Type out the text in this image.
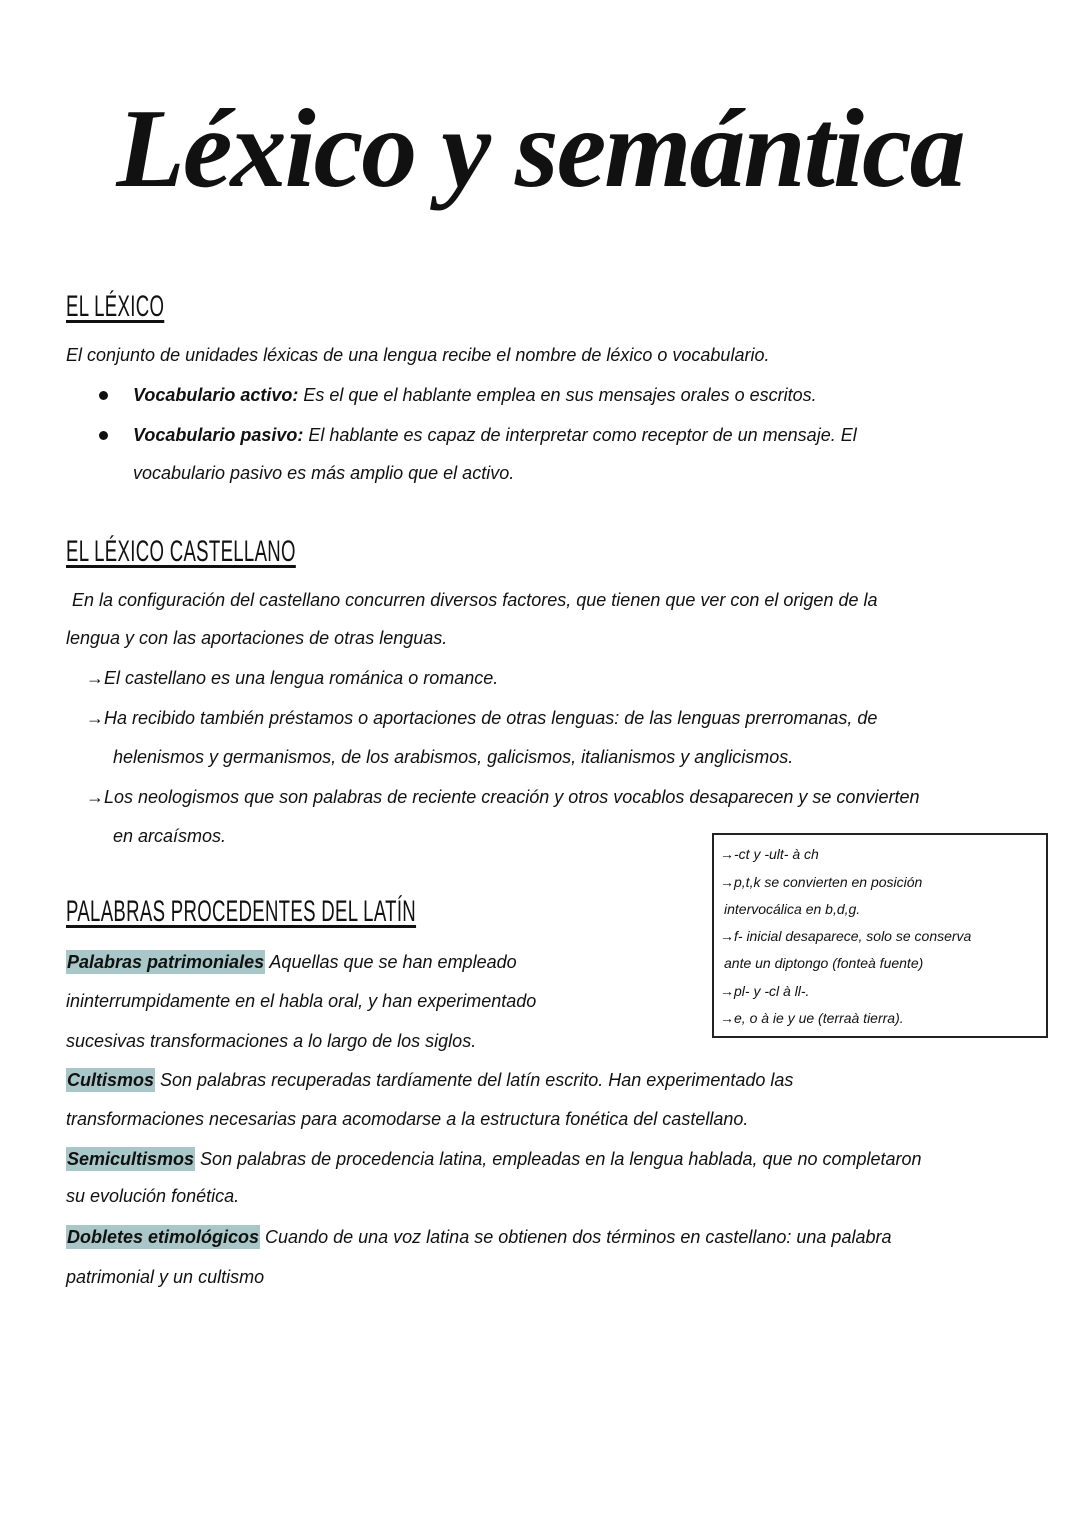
Léxico y semántica
EL LÉXICO
El conjunto de unidades léxicas de una lengua recibe el nombre de léxico o vocabulario.
Vocabulario activo: Es el que el hablante emplea en sus mensajes orales o escritos.
Vocabulario pasivo: El hablante es capaz de interpretar como receptor de un mensaje. El
vocabulario pasivo es más amplio que el activo.
EL LÉXICO CASTELLANO
En la configuración del castellano concurren diversos factores, que tienen que ver con el origen de la
lengua y con las aportaciones de otras lenguas.
→El castellano es una lengua románica o romance.
→Ha recibido también préstamos o aportaciones de otras lenguas: de las lenguas prerromanas, de
helenismos y germanismos, de los arabismos, galicismos, italianismos y anglicismos.
→Los neologismos que son palabras de reciente creación y otros vocablos desaparecen y se convierten
en arcaísmos.
→-ct y -ult- à ch
→p,t,k se convierten en posición
intervocálica en b,d,g.
→f- inicial desaparece, solo se conserva
ante un diptongo (fonteà fuente)
→pl- y -cl à ll-.
→e, o à ie y ue (terraà tierra).
PALABRAS PROCEDENTES DEL LATÍN
Palabras patrimoniales Aquellas que se han empleado
ininterrumpidamente en el habla oral, y han experimentado
sucesivas transformaciones a lo largo de los siglos.
Cultismos Son palabras recuperadas tardíamente del latín escrito. Han experimentado las
transformaciones necesarias para acomodarse a la estructura fonética del castellano.
Semicultismos Son palabras de procedencia latina, empleadas en la lengua hablada, que no completaron
su evolución fonética.
Dobletes etimológicos Cuando de una voz latina se obtienen dos términos en castellano: una palabra
patrimonial y un cultismo
